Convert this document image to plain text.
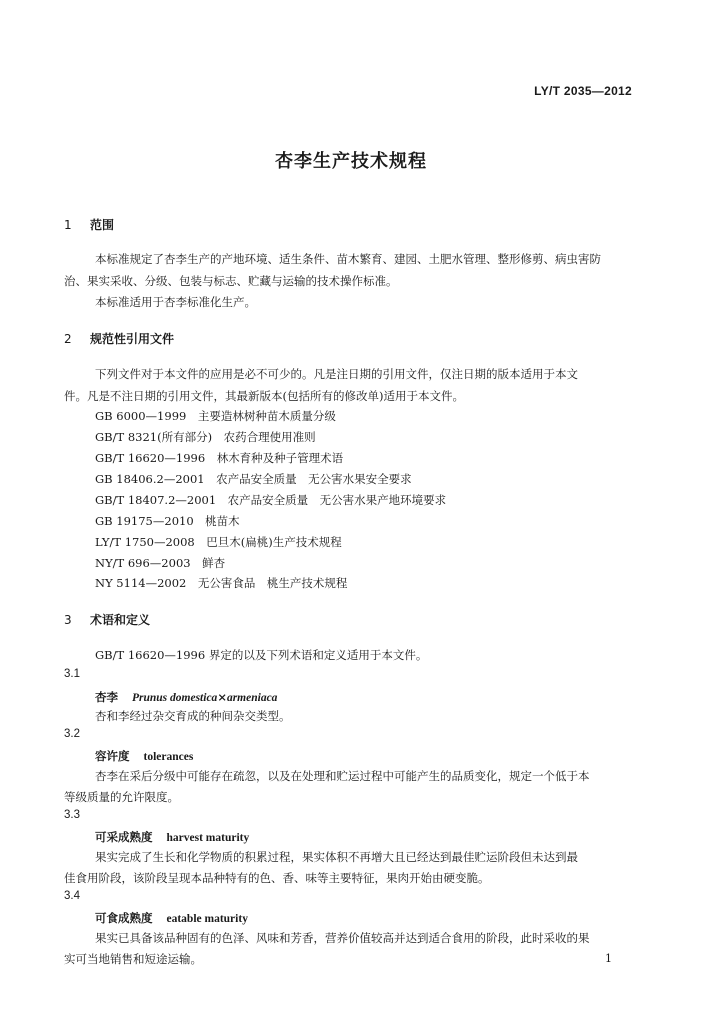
LY/T 2035—2012
杏李生产技术规程
1 范围
本标准规定了杏李生产的产地环境、适生条件、苗木繁育、建园、土肥水管理、整形修剪、病虫害防
治、果实采收、分级、包装与标志、贮藏与运输的技术操作标准。
本标准适用于杏李标准化生产。
2 规范性引用文件
下列文件对于本文件的应用是必不可少的。凡是注日期的引用文件，仅注日期的版本适用于本文
件。凡是不注日期的引用文件，其最新版本(包括所有的修改单)适用于本文件。
GB 6000—1999　主要造林树种苗木质量分级
GB/T 8321(所有部分)　农药合理使用准则
GB/T 16620—1996　林木育种及种子管理术语
GB 18406.2—2001　农产品安全质量　无公害水果安全要求
GB/T 18407.2—2001　农产品安全质量　无公害水果产地环境要求
GB 19175—2010　桃苗木
LY/T 1750—2008　巴旦木(扁桃)生产技术规程
NY/T 696—2003　鲜杏
NY 5114—2002　无公害食品　桃生产技术规程
3 术语和定义
GB/T 16620—1996 界定的以及下列术语和定义适用于本文件。
3.1
杏李 Prunus domestica×armeniaca
杏和李经过杂交育成的种间杂交类型。
3.2
容许度 tolerances
杏李在采后分级中可能存在疏忽，以及在处理和贮运过程中可能产生的品质变化，规定一个低于本
等级质量的允许限度。
3.3
可采成熟度 harvest maturity
果实完成了生长和化学物质的积累过程，果实体积不再增大且已经达到最佳贮运阶段但未达到最
佳食用阶段，该阶段呈现本品种特有的色、香、味等主要特征，果肉开始由硬变脆。
3.4
可食成熟度 eatable maturity
果实已具备该品种固有的色泽、风味和芳香，营养价值较高并达到适合食用的阶段，此时采收的果
实可当地销售和短途运输。	1
